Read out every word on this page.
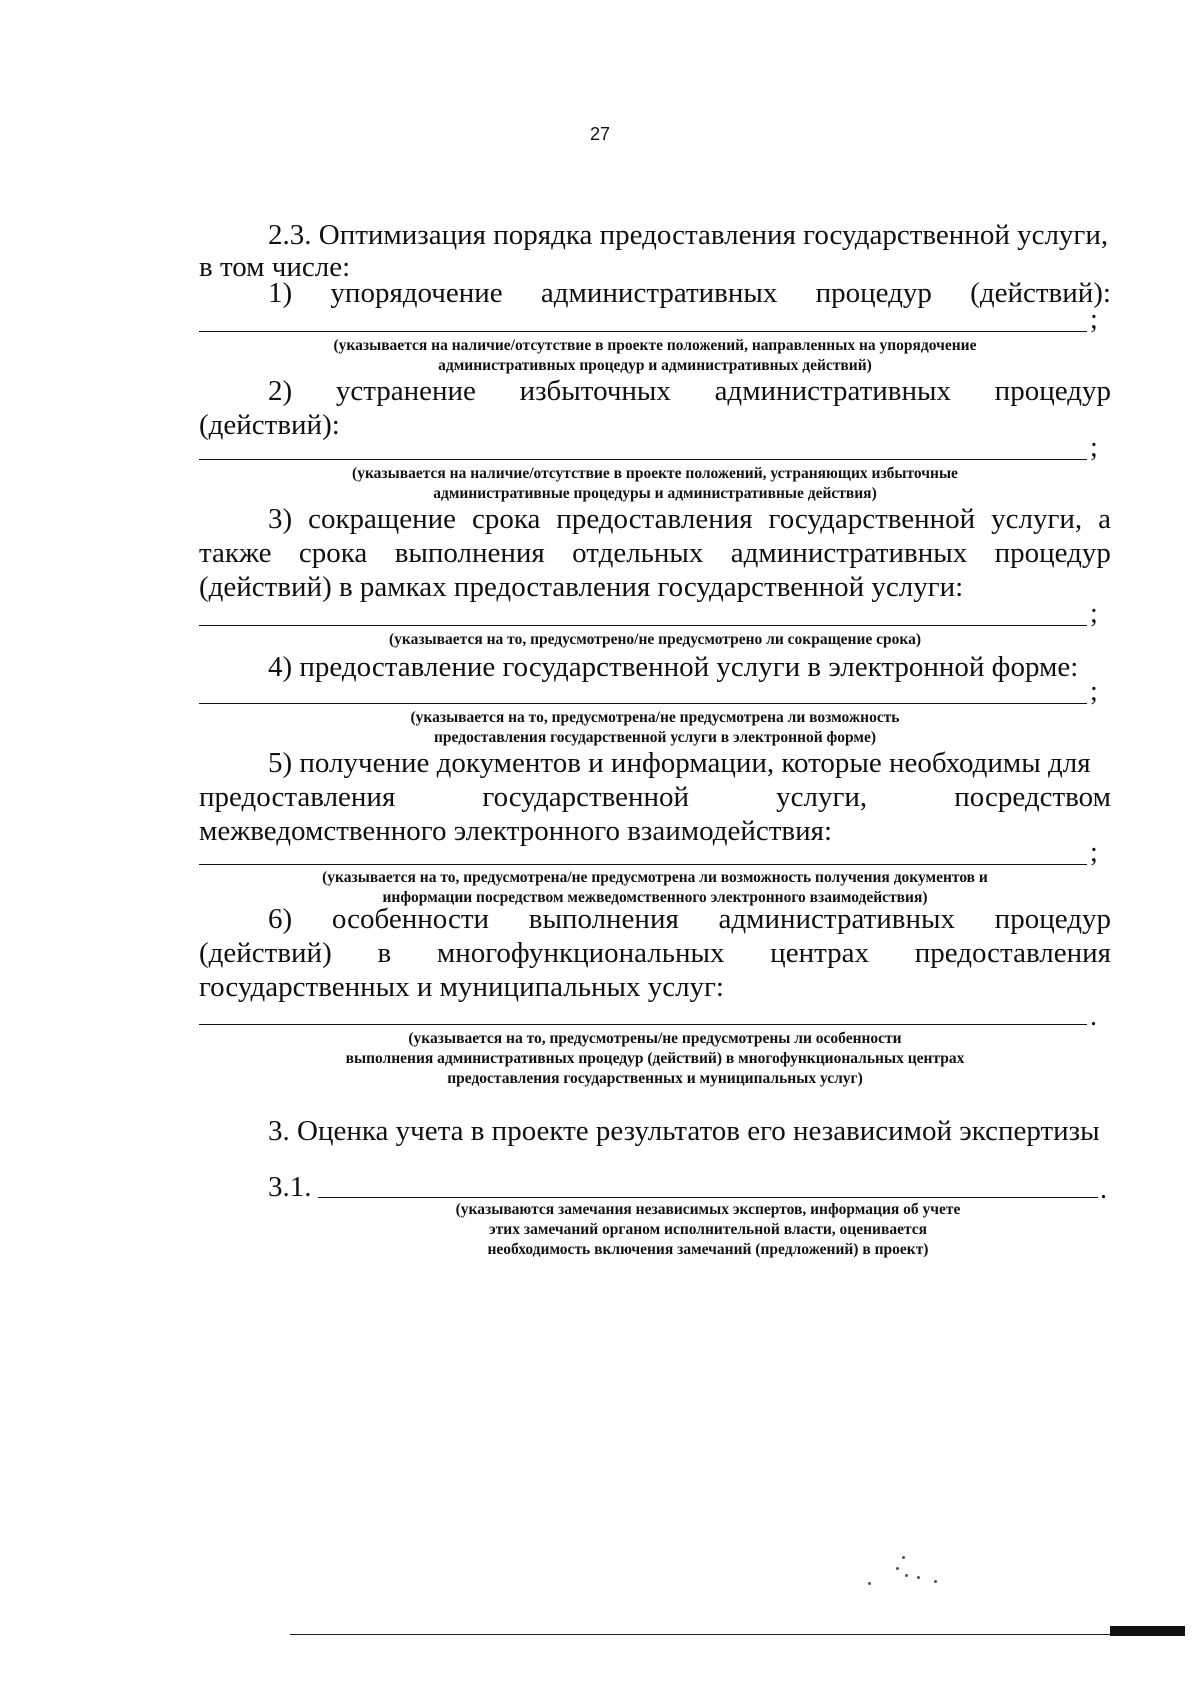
27
2.3. Оптимизация порядка предоставления государственной услуги,
в том числе:
1) упорядочение административных процедур (действий):
;
(указывается на наличие/отсутствие в проекте положений, направленных на упорядочение
административных процедур и административных действий)
2) устранение избыточных административных процедур
(действий):
;
(указывается на наличие/отсутствие в проекте положений, устраняющих избыточные
административные процедуры и административные действия)
3) сокращение срока предоставления государственной услуги, а
также срока выполнения отдельных административных процедур
(действий) в рамках предоставления государственной услуги:
;
(указывается на то, предусмотрено/не предусмотрено ли сокращение срока)
4) предоставление государственной услуги в электронной форме:
;
(указывается на то, предусмотрена/не предусмотрена ли возможность
предоставления государственной услуги в электронной форме)
5) получение документов и информации, которые необходимы для
предоставления	государственной	услуги,	посредством
межведомственного электронного взаимодействия:
;
(указывается на то, предусмотрена/не предусмотрена ли возможность получения документов и
информации посредством межведомственного электронного взаимодействия)
6) особенности выполнения административных процедур
(действий) в многофункциональных центрах предоставления
государственных и муниципальных услуг:
.
(указывается на то, предусмотрены/не предусмотрены ли особенности
выполнения административных процедур (действий) в многофункциональных центрах
предоставления государственных и муниципальных услуг)
3. Оценка учета в проекте результатов его независимой экспертизы
3.1.	.
(указываются замечания независимых экспертов, информация об учете
этих замечаний органом исполнительной власти, оценивается
необходимость включения замечаний (предложений) в проект)
